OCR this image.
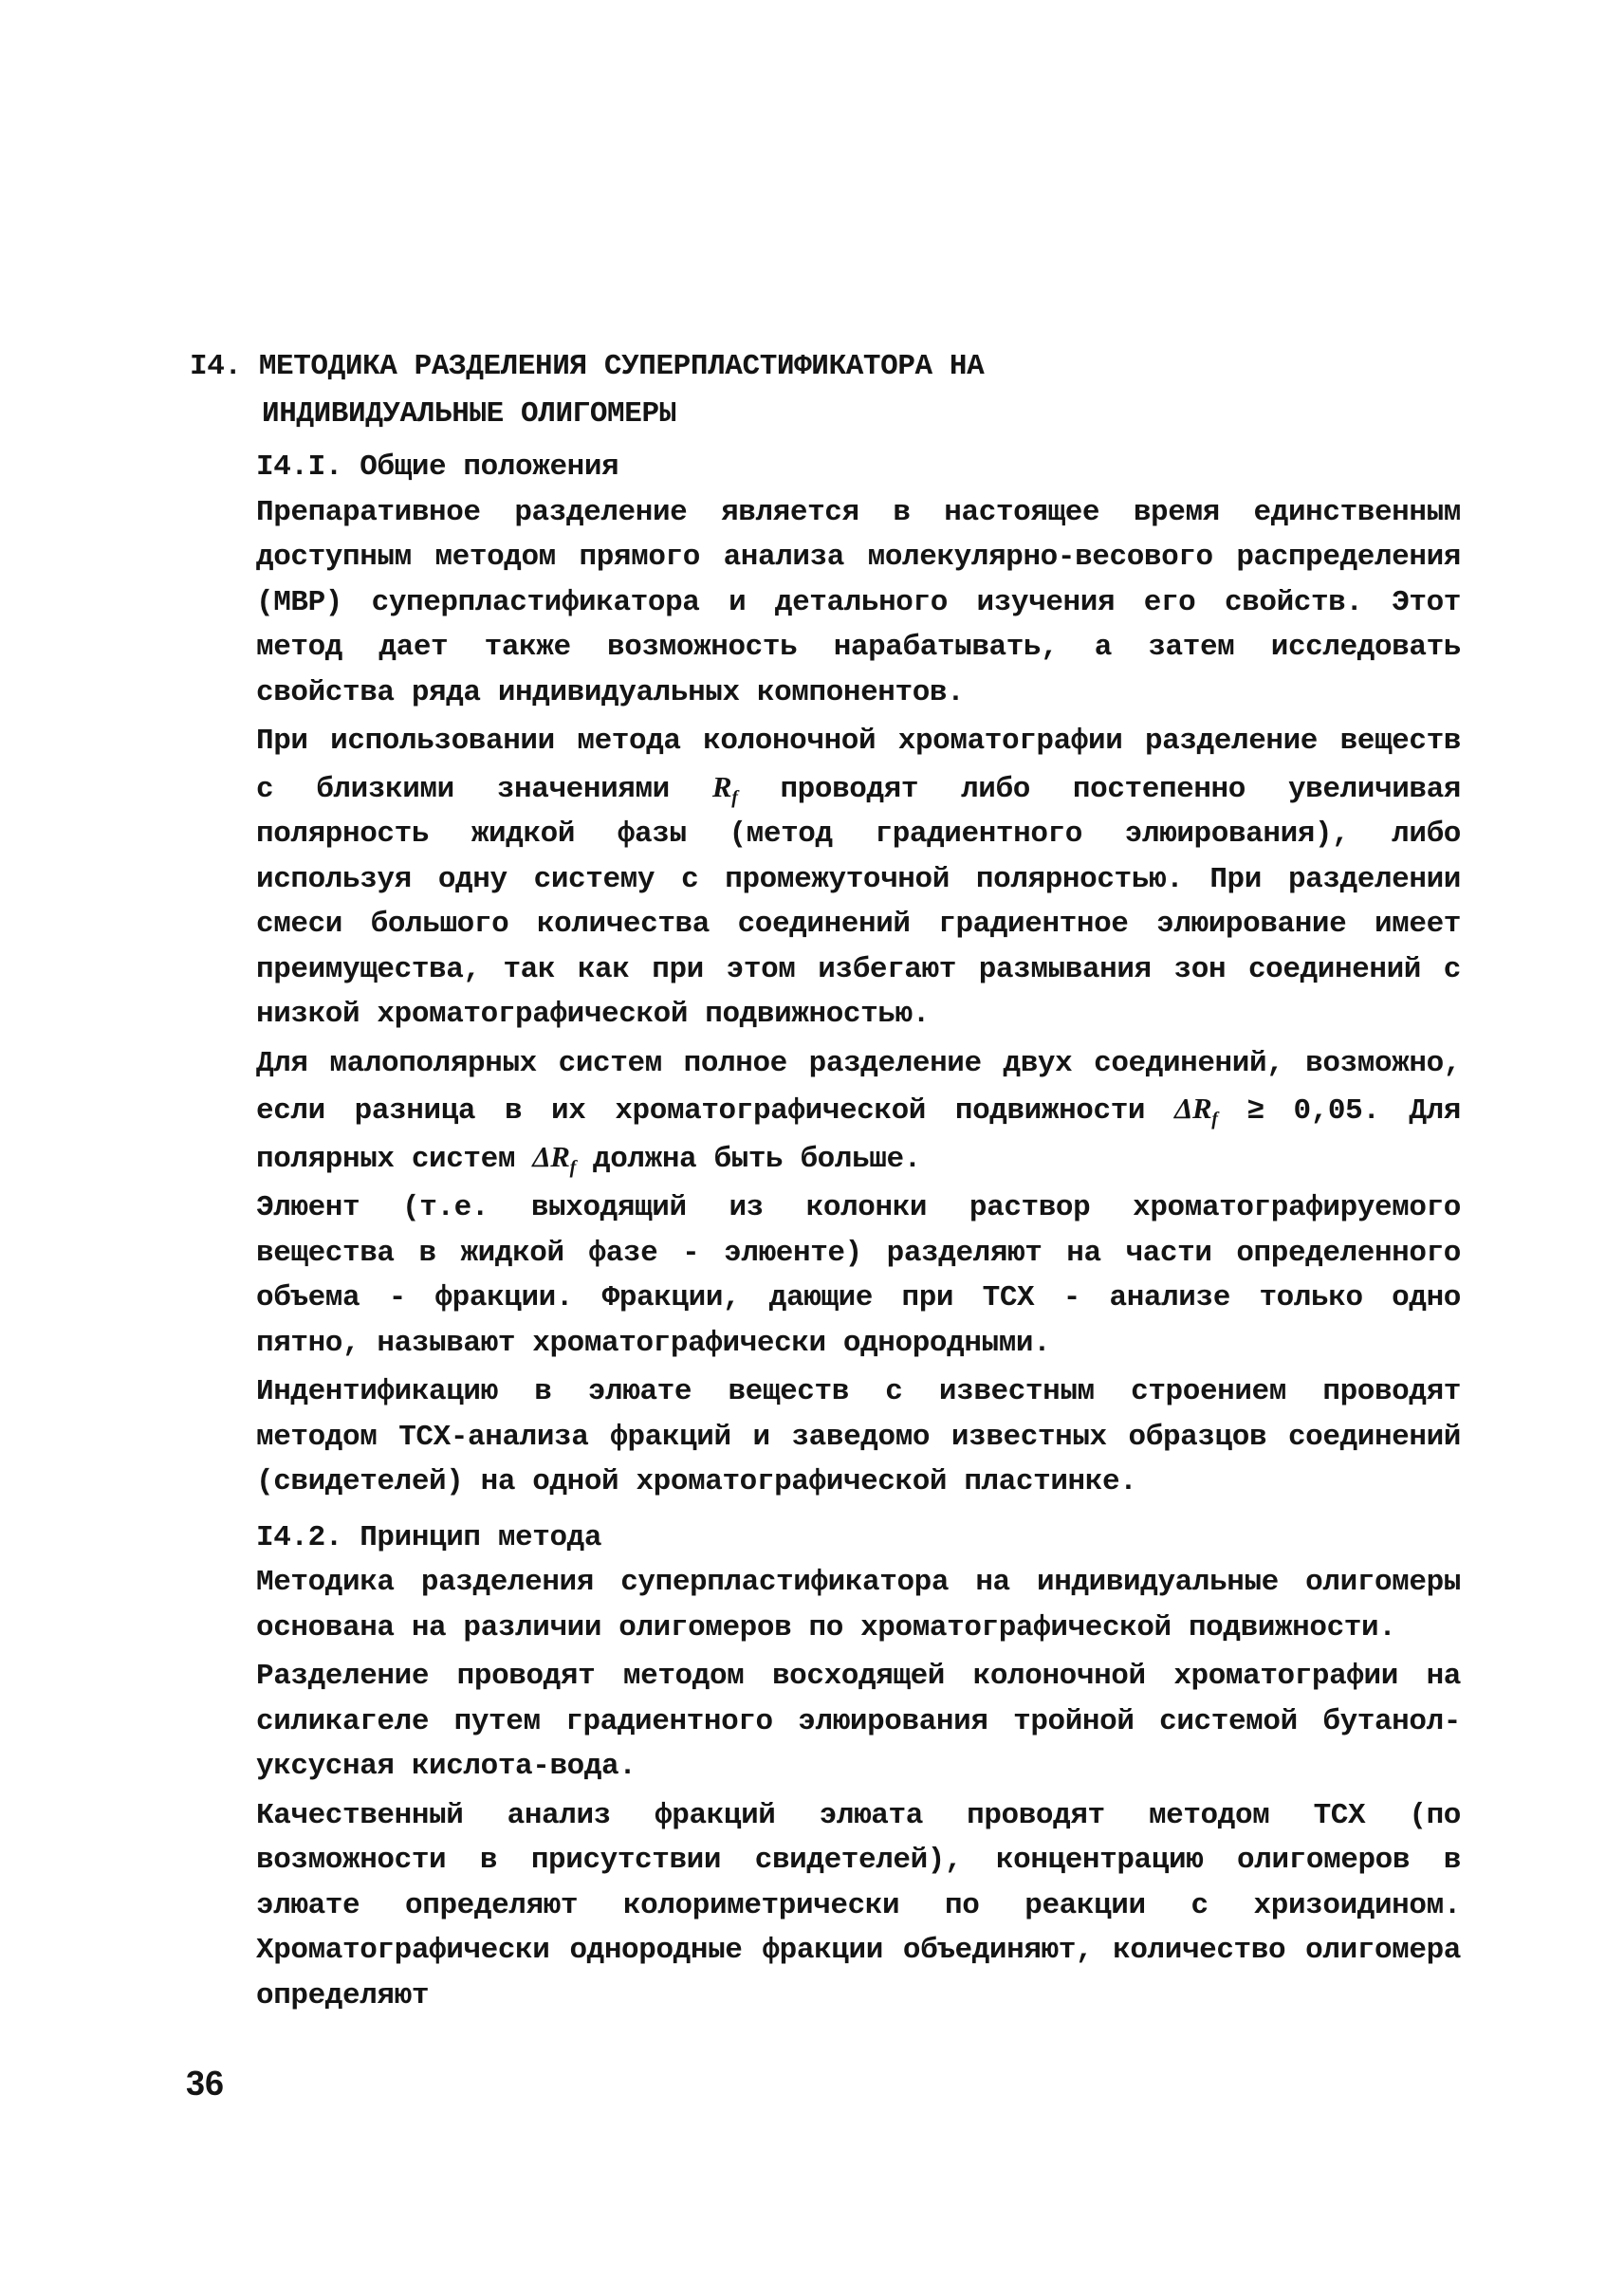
I4. МЕТОДИКА РАЗДЕЛЕНИЯ СУПЕРПЛАСТИФИКАТОРА НА
ИНДИВИДУАЛЬНЫЕ ОЛИГОМЕРЫ
I4.I. Общие положения

Препаративное разделение является в настоящее время единственным доступным методом прямого анализа молекулярно-весового распределения (МВР) суперпластификатора и детального изучения его свойств. Этот метод дает также возможность нарабатывать, а затем исследовать свойства ряда индивидуальных компонентов.

При использовании метода колоночной хроматографии разделение веществ с близкими значениями $R_f$ проводят либо постепенно увеличивая полярность жидкой фазы (метод градиентного элюирования), либо используя одну систему с промежуточной полярностью. При разделении смеси большого количества соединений градиентное элюирование имеет преимущества, так как при этом избегают размывания зон соединений с низкой хроматографической подвижностью.

Для малополярных систем полное разделение двух соединений, возможно, если разница в их хроматографической подвижности $\Delta R_f \ge 0,05$. Для полярных систем $\Delta R_f$ должна быть больше.

Элюент (т.е. выходящий из колонки раствор хроматографируемого вещества в жидкой фазе - элюенте) разделяют на части определенного объема - фракции. Фракции, дающие при ТСХ - анализе только одно пятно, называют хроматографически однородными.

Индентификацию в элюате веществ с известным строением проводят методом ТСХ-анализа фракций и заведомо известных образцов соединений (свидетелей) на одной хроматографической пластинке.

I4.2. Принцип метода

Методика разделения суперпластификатора на индивидуальные олигомеры основана на различии олигомеров по хроматографической подвижности.

Разделение проводят методом восходящей колоночной хроматографии на силикагеле путем градиентного элюирования тройной системой бутанол-уксусная кислота-вода.

Качественный анализ фракций элюата проводят методом ТСХ (по возможности в присутствии свидетелей), концентрацию олигомеров в элюате определяют колориметрически по реакции с хризоидином. Хроматографически однородные фракции объединяют, количество олигомера определяют

36
